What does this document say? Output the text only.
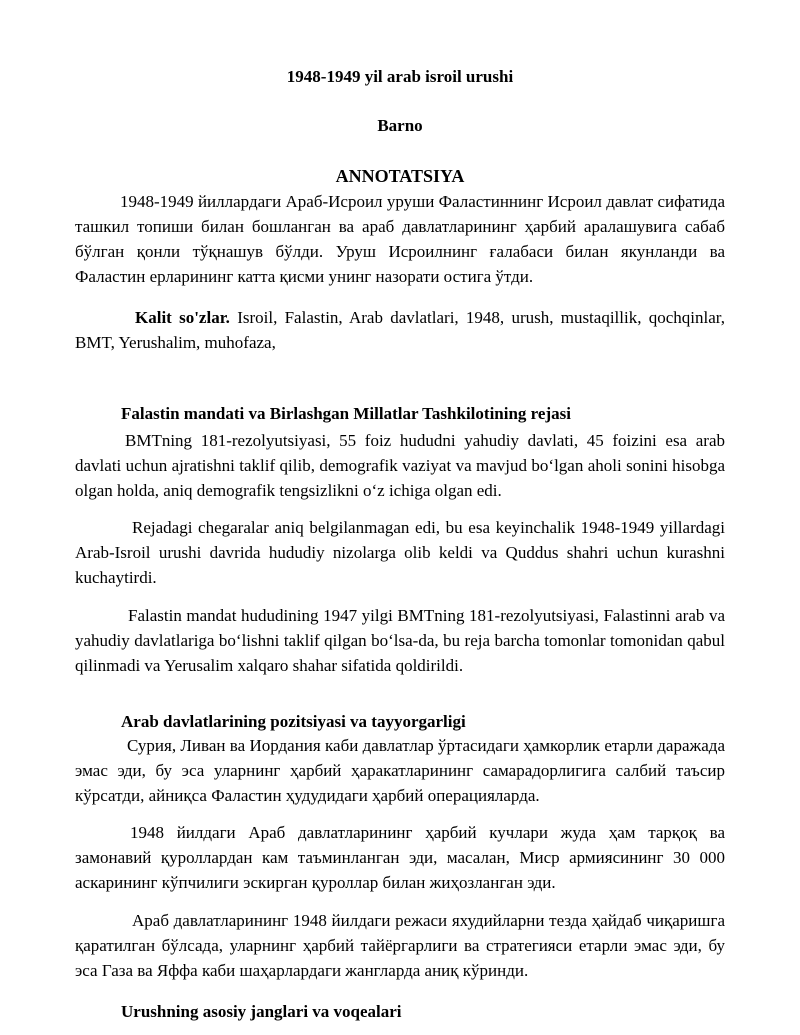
1948-1949 yil arab isroil urushi
Barno
ANNOTATSIYA

1948-1949 йиллардаги Араб-Исроил уруши Фаластиннинг Исроил давлат сифатида ташкил топиши билан бошланган ва араб давлатларининг ҳарбий аралашувига сабаб бўлган қонли тўқнашув бўлди. Уруш Исроилнинг ғалабаси билан якунланди ва Фаластин ерларининг катта қисми унинг назорати остига ўтди.

Kalit so'zlar. Isroil, Falastin, Arab davlatlari, 1948, urush, mustaqillik, qochqinlar, BMT, Yerushalim, muhofaza,

Falastin mandati va Birlashgan Millatlar Tashkilotining rejasi

BMTning 181-rezolyutsiyasi, 55 foiz hududni yahudiy davlati, 45 foizini esa arab davlati uchun ajratishni taklif qilib, demografik vaziyat va mavjud bo‘lgan aholi sonini hisobga olgan holda, aniq demografik tengsizlikni o‘z ichiga olgan edi.

Rejadagi chegaralar aniq belgilanmagan edi, bu esa keyinchalik 1948-1949 yillardagi Arab-Isroil urushi davrida hududiy nizolarga olib keldi va Quddus shahri uchun kurashni kuchaytirdi.

Falastin mandat hududining 1947 yilgi BMTning 181-rezolyutsiyasi, Falastinni arab va yahudiy davlatlariga bo‘lishni taklif qilgan bo‘lsa-da, bu reja barcha tomonlar tomonidan qabul qilinmadi va Yerusalim xalqaro shahar sifatida qoldirildi.

Arab davlatlarining pozitsiyasi va tayyorgarligi

Сурия, Ливан ва Иордания каби давлатлар ўртасидаги ҳамкорлик етарли даражада эмас эди, бу эса уларнинг ҳарбий ҳаракатларининг самарадорлигига салбий таъсир кўрсатди, айниқса Фаластин ҳудудидаги ҳарбий операцияларда.

1948 йилдаги Араб давлатларининг ҳарбий кучлари жуда ҳам тарқоқ ва замонавий қуроллардан кам таъминланган эди, масалан, Миср армиясининг 30 000 аскарининг кўпчилиги эскирган қуроллар билан жиҳозланган эди.

Араб давлатларининг 1948 йилдаги режаси яхудийларни тезда ҳайдаб чиқаришга қаратилган бўлсада, уларнинг ҳарбий тайёргарлиги ва стратегияси етарли эмас эди, бу эса Газа ва Яффа каби шаҳарлардаги жангларда аниқ кўринди.

Urushning asosiy janglari va voqealari
